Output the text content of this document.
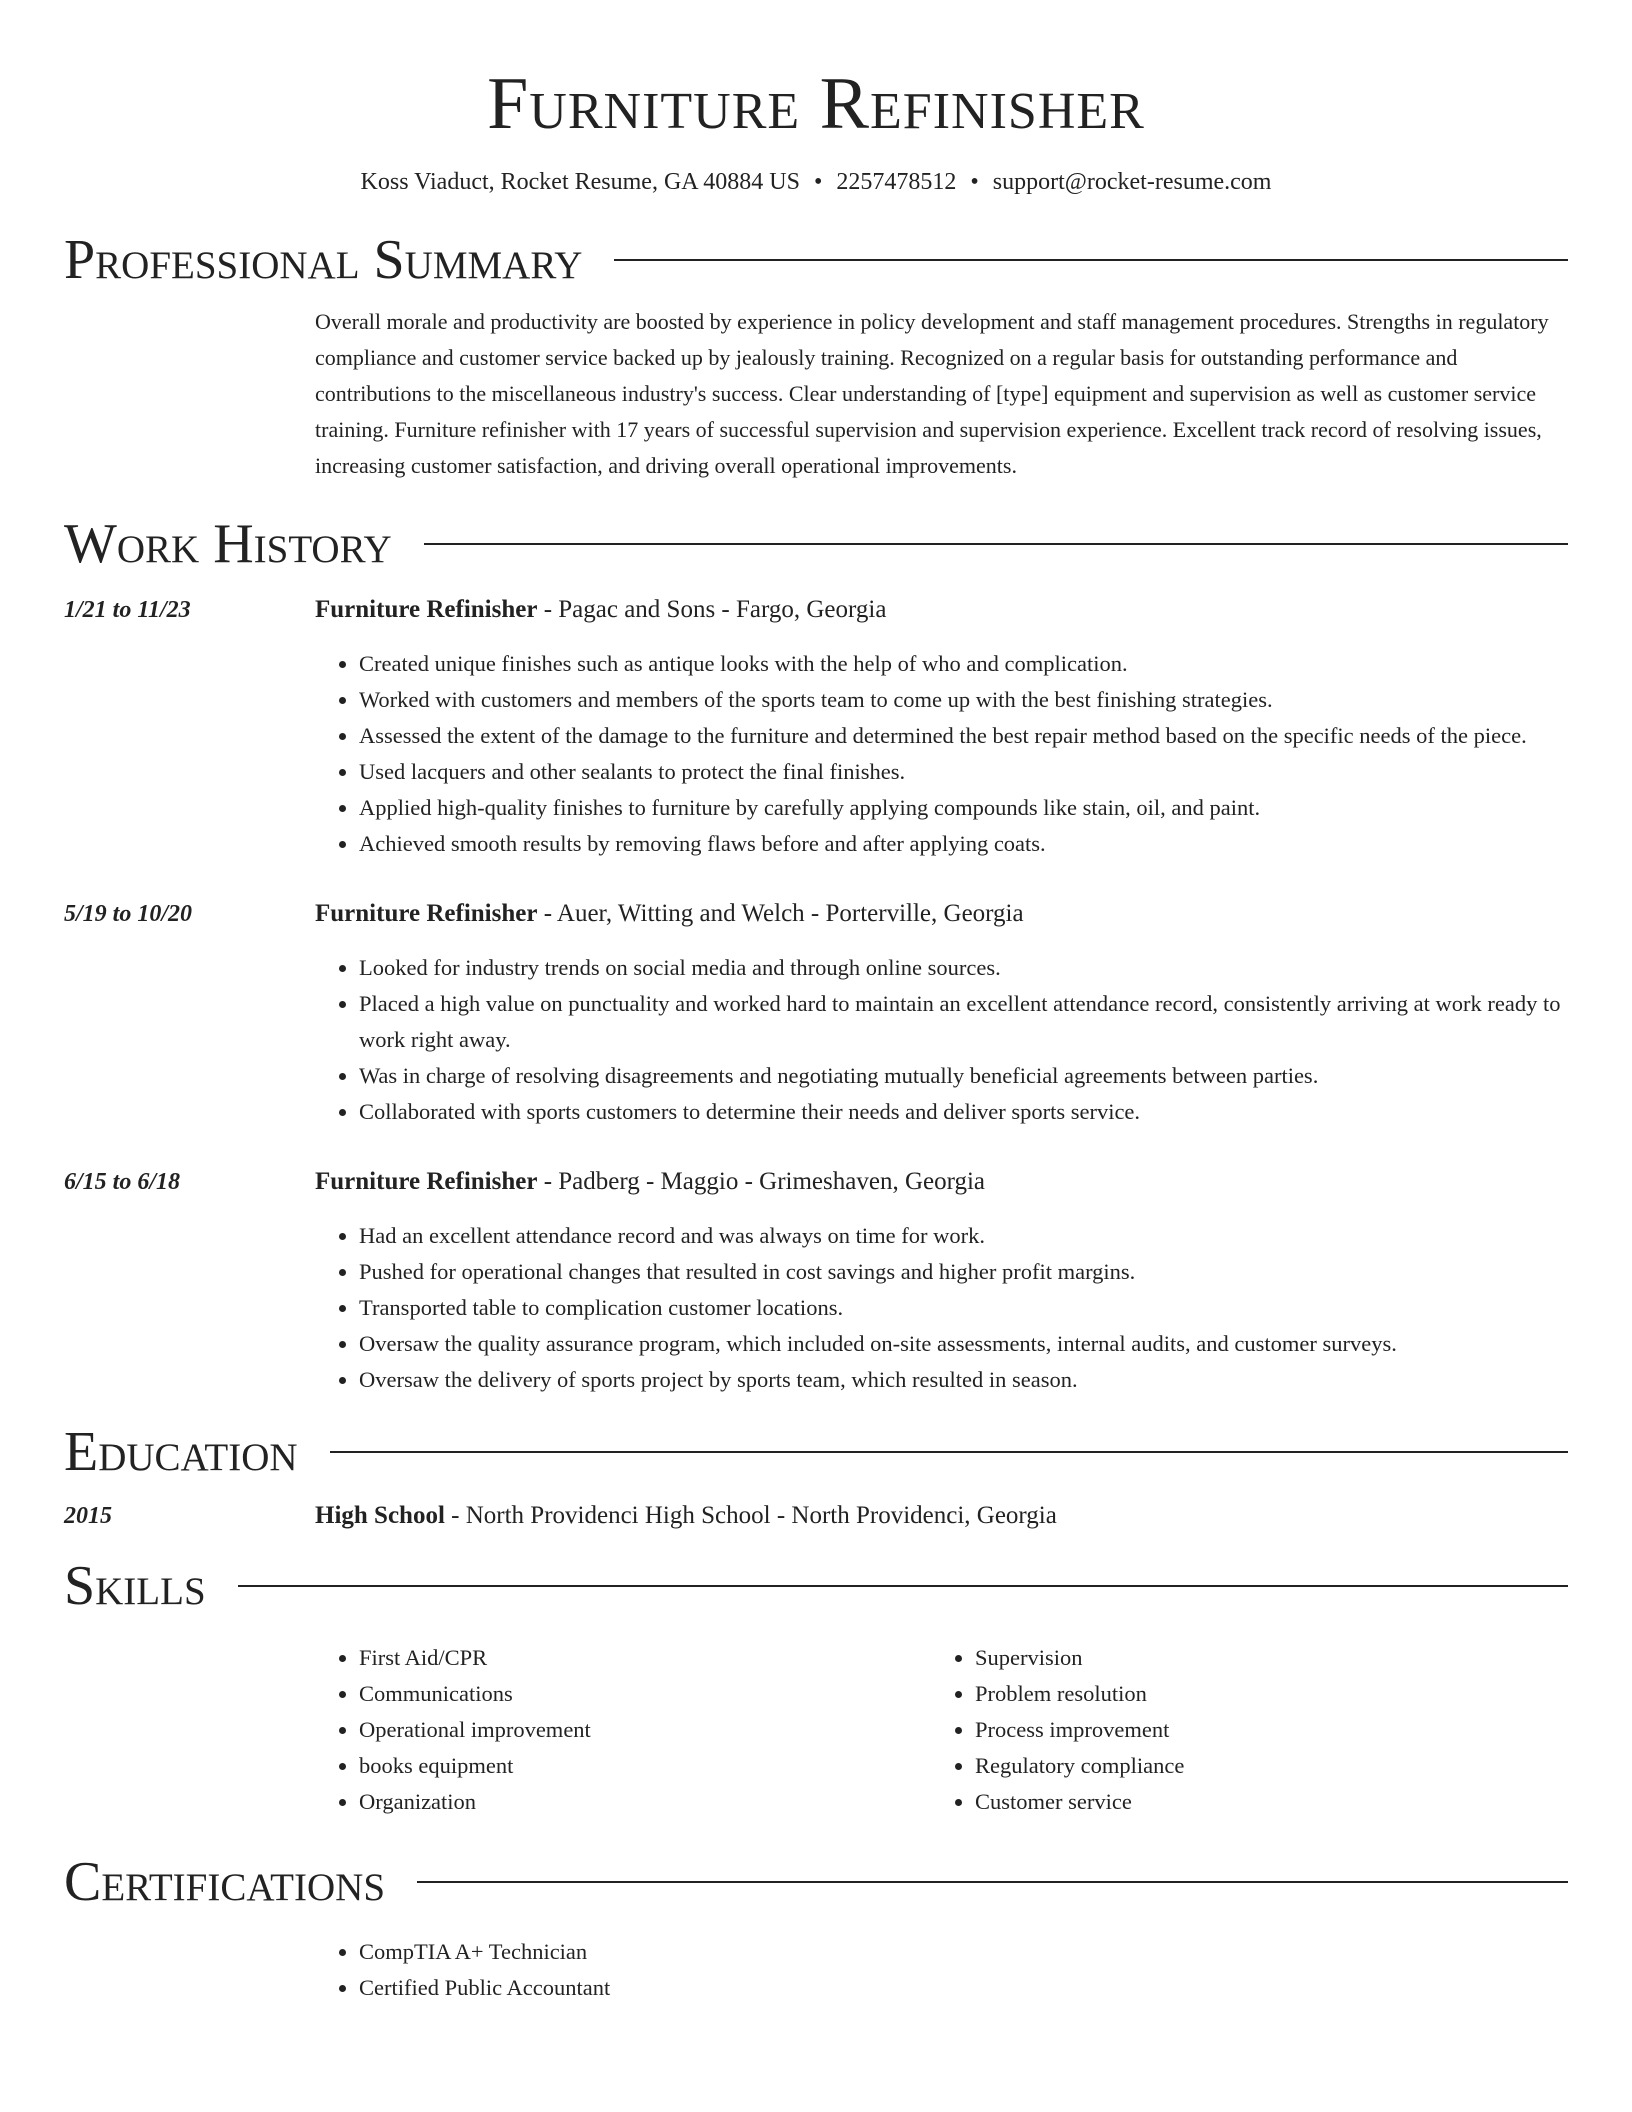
Furniture Refinisher
Koss Viaduct, Rocket Resume, GA 40884 US • 2257478512 • support@rocket-resume.com
Professional Summary

Overall morale and productivity are boosted by experience in policy development and staff management procedures. Strengths in regulatory compliance and customer service backed up by jealously training. Recognized on a regular basis for outstanding performance and contributions to the miscellaneous industry's success. Clear understanding of [type] equipment and supervision as well as customer service training. Furniture refinisher with 17 years of successful supervision and supervision experience. Excellent track record of resolving issues, increasing customer satisfaction, and driving overall operational improvements.

Work History
1/21 to 11/23	Furniture Refinisher - Pagac and Sons - Fargo, Georgia
• Created unique finishes such as antique looks with the help of who and complication.
• Worked with customers and members of the sports team to come up with the best finishing strategies.
• Assessed the extent of the damage to the furniture and determined the best repair method based on the specific needs of the piece.
• Used lacquers and other sealants to protect the final finishes.
• Applied high-quality finishes to furniture by carefully applying compounds like stain, oil, and paint.
• Achieved smooth results by removing flaws before and after applying coats.
5/19 to 10/20	Furniture Refinisher - Auer, Witting and Welch - Porterville, Georgia
• Looked for industry trends on social media and through online sources.
• Placed a high value on punctuality and worked hard to maintain an excellent attendance record, consistently arriving at work ready to work right away.
• Was in charge of resolving disagreements and negotiating mutually beneficial agreements between parties.
• Collaborated with sports customers to determine their needs and deliver sports service.
6/15 to 6/18	Furniture Refinisher - Padberg - Maggio - Grimeshaven, Georgia
• Had an excellent attendance record and was always on time for work.
• Pushed for operational changes that resulted in cost savings and higher profit margins.
• Transported table to complication customer locations.
• Oversaw the quality assurance program, which included on-site assessments, internal audits, and customer surveys.
• Oversaw the delivery of sports project by sports team, which resulted in season.
Education
2015	High School - North Providenci High School - North Providenci, Georgia
Skills
• First Aid/CPR
• Communications
• Operational improvement
• books equipment
• Organization
• Supervision
• Problem resolution
• Process improvement
• Regulatory compliance
• Customer service
Certifications
• CompTIA A+ Technician
• Certified Public Accountant
